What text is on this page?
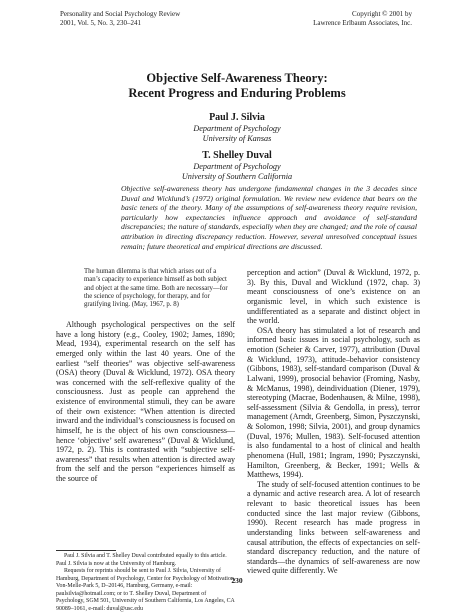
Personality and Social Psychology Review
2001, Vol. 5, No. 3, 230–241
Copyright © 2001 by
Lawrence Erlbaum Associates, Inc.
Objective Self-Awareness Theory:
Recent Progress and Enduring Problems
Paul J. Silvia
Department of Psychology
University of Kansas
T. Shelley Duval
Department of Psychology
University of Southern California
Objective self-awareness theory has undergone fundamental changes in the 3 decades since Duval and Wicklund’s (1972) original formulation. We review new evidence that bears on the basic tenets of the theory. Many of the assumptions of self-awareness theory require revision, particularly how expectancies influence approach and avoidance of self-standard discrepancies; the nature of standards, especially when they are changed; and the role of causal attribution in directing discrepancy reduction. However, several unresolved conceptual issues remain; future theoretical and empirical directions are discussed.
The human dilemma is that which arises out of a man’s capacity to experience himself as both subject and object at the same time. Both are necessary—for the science of psychology, for therapy, and for gratifying living. (May, 1967, p. 8)

Although psychological perspectives on the self have a long history (e.g., Cooley, 1902; James, 1890; Mead, 1934), experimental research on the self has emerged only within the last 40 years. One of the earliest “self theories” was objective self-awareness (OSA) theory (Duval & Wicklund, 1972). OSA theory was concerned with the self-reflexive quality of the consciousness. Just as people can apprehend the existence of environmental stimuli, they can be aware of their own existence: “When attention is directed inward and the individual’s consciousness is focused on himself, he is the object of his own consciousness—hence ‘objective’ self awareness” (Duval & Wicklund, 1972, p. 2). This is contrasted with “subjective self-awareness” that results when attention is directed away from the self and the person “experiences himself as the source of

perception and action” (Duval & Wicklund, 1972, p. 3). By this, Duval and Wicklund (1972, chap. 3) meant consciousness of one’s existence on an organismic level, in which such existence is undifferentiated as a separate and distinct object in the world.

OSA theory has stimulated a lot of research and informed basic issues in social psychology, such as emotion (Scheier & Carver, 1977), attribution (Duval & Wicklund, 1973), attitude–behavior consistency (Gibbons, 1983), self-standard comparison (Duval & Lalwani, 1999), prosocial behavior (Froming, Nasby, & McManus, 1998), deindividuation (Diener, 1979), stereotyping (Macrae, Bodenhausen, & Milne, 1998), self-assessment (Silvia & Gendolla, in press), terror management (Arndt, Greenberg, Simon, Pyszczynski, & Solomon, 1998; Silvia, 2001), and group dynamics (Duval, 1976; Mullen, 1983). Self-focused attention is also fundamental to a host of clinical and health phenomena (Hull, 1981; Ingram, 1990; Pyszczynski, Hamilton, Greenberg, & Becker, 1991; Wells & Matthews, 1994).

The study of self-focused attention continues to be a dynamic and active research area. A lot of research relevant to basic theoretical issues has been conducted since the last major review (Gibbons, 1990). Recent research has made progress in understanding links between self-awareness and causal attribution, the effects of expectancies on self-standard discrepancy reduction, and the nature of standards—the dynamics of self-awareness are now viewed quite differently. We

Paul J. Silvia and T. Shelley Duval contributed equally to this article. Paul J. Silvia is now at the University of Hamburg.

Requests for reprints should be sent to Paul J. Silvia, University of Hamburg, Department of Psychology, Center for Psychology of Motivation, Von-Melle-Park 5, D–20146, Hamburg, Germany, e-mail: paulsilvia@hotmail.com; or to T. Shelley Duval, Department of Psychology, SGM 501, University of Southern California, Los Angeles, CA 90089–1061, e-mail: duval@usc.edu

230
